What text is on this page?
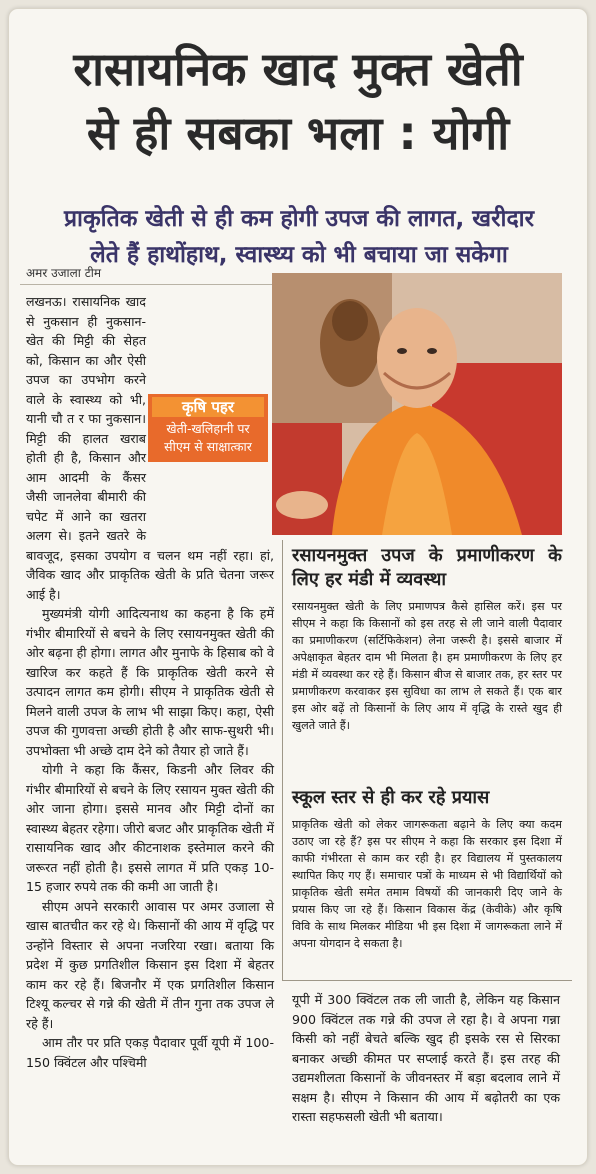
रासायनिक खाद मुक्त खेती
से ही सबका भला : योगी
प्राकृतिक खेती से ही कम होगी उपज की लागत, खरीदार
लेते हैं हाथोंहाथ, स्वास्थ्य को भी बचाया जा सकेगा
अमर उजाला टीम

लखनऊ। रासायनिक खाद से नुकसान ही नुकसान-खेत की मिट्टी की सेहत को, किसान का और ऐसी उपज का उपभोग करने वाले के स्वास्थ्य को भी, यानी चौ त र फा नुकसान। मिट्टी की हालत खराब होती ही है, किसान और आम आदमी के कैंसर जैसी जानलेवा बीमारी की चपेट में आने का खतरा अलग से। इतने खतरे के बावजूद, इसका उपयोग व चलन थम नहीं रहा। हां, जैविक खाद और प्राकृतिक खेती के प्रति चेतना जरूर आई है।

मुख्यमंत्री योगी आदित्यनाथ का कहना है कि हमें गंभीर बीमारियों से बचने के लिए रसायनमुक्त खेती की ओर बढ़ना ही होगा। लागत और मुनाफे के हिसाब को वे खारिज कर कहते हैं कि प्राकृतिक खेती करने से उत्पादन लागत कम होगी। सीएम ने प्राकृतिक खेती से मिलने वाली उपज के लाभ भी साझा किए। कहा, ऐसी उपज की गुणवत्ता अच्छी होती है और साफ-सुथरी भी। उपभोक्ता भी अच्छे दाम देने को तैयार हो जाते हैं।

योगी ने कहा कि कैंसर, किडनी और लिवर की गंभीर बीमारियों से बचने के लिए रसायन मुक्त खेती की ओर जाना होगा। इससे मानव और मिट्टी दोनों का स्वास्थ्य बेहतर रहेगा। जीरो बजट और प्राकृतिक खेती में रासायनिक खाद और कीटनाशक इस्तेमाल करने की जरूरत नहीं होती है। इससे लागत में प्रति एकड़ 10-15 हजार रुपये तक की कमी आ जाती है।

सीएम अपने सरकारी आवास पर अमर उजाला से खास बातचीत कर रहे थे। किसानों की आय में वृद्धि पर उन्होंने विस्तार से अपना नजरिया रखा। बताया कि प्रदेश में कुछ प्रगतिशील किसान इस दिशा में बेहतर काम कर रहे हैं। बिजनौर में एक प्रगतिशील किसान टिश्यू कल्चर से गन्ने की खेती में तीन गुना तक उपज ले रहे हैं।

आम तौर पर प्रति एकड़ पैदावार पूर्वी यूपी में 100-150 क्विंटल और पश्चिमी

कृषि पहर
खेती-खलिहानी पर
सीएम से साक्षात्कार
रसायनमुक्त उपज के प्रमाणीकरण के लिए हर मंडी में व्यवस्था
रसायनमुक्त खेती के लिए प्रमाणपत्र कैसे हासिल करें। इस पर सीएम ने कहा कि किसानों को इस तरह से ली जाने वाली पैदावार का प्रमाणीकरण (सर्टिफिकेशन) लेना जरूरी है। इससे बाजार में अपेक्षाकृत बेहतर दाम भी मिलता है। हम प्रमाणीकरण के लिए हर मंडी में व्यवस्था कर रहे हैं। किसान बीज से बाजार तक, हर स्तर पर प्रमाणीकरण करवाकर इस सुविधा का लाभ ले सकते हैं। एक बार इस ओर बढ़ें तो किसानों के लिए आय में वृद्धि के रास्ते खुद ही खुलते जाते हैं।
स्कूल स्तर से ही कर रहे प्रयास
प्राकृतिक खेती को लेकर जागरूकता बढ़ाने के लिए क्या कदम उठाए जा रहे हैं? इस पर सीएम ने कहा कि सरकार इस दिशा में काफी गंभीरता से काम कर रही है। हर विद्यालय में पुस्तकालय स्थापित किए गए हैं। समाचार पत्रों के माध्यम से भी विद्यार्थियों को प्राकृतिक खेती समेत तमाम विषयों की जानकारी दिए जाने के प्रयास किए जा रहे हैं। किसान विकास केंद्र (केवीके) और कृषि विवि के साथ मिलकर मीडिया भी इस दिशा में जागरूकता लाने में अपना योगदान दे सकता है।

यूपी में 300 क्विंटल तक ली जाती है, लेकिन यह किसान 900 क्विंटल तक गन्ने की उपज ले रहा है। वे अपना गन्ना किसी को नहीं बेचते बल्कि खुद ही इसके रस से सिरका बनाकर अच्छी कीमत पर सप्लाई करते हैं। इस तरह की उद्यमशीलता किसानों के जीवनस्तर में बड़ा बदलाव लाने में सक्षम है। सीएम ने किसान की आय में बढ़ोतरी का एक रास्ता सहफसली खेती भी बताया।
